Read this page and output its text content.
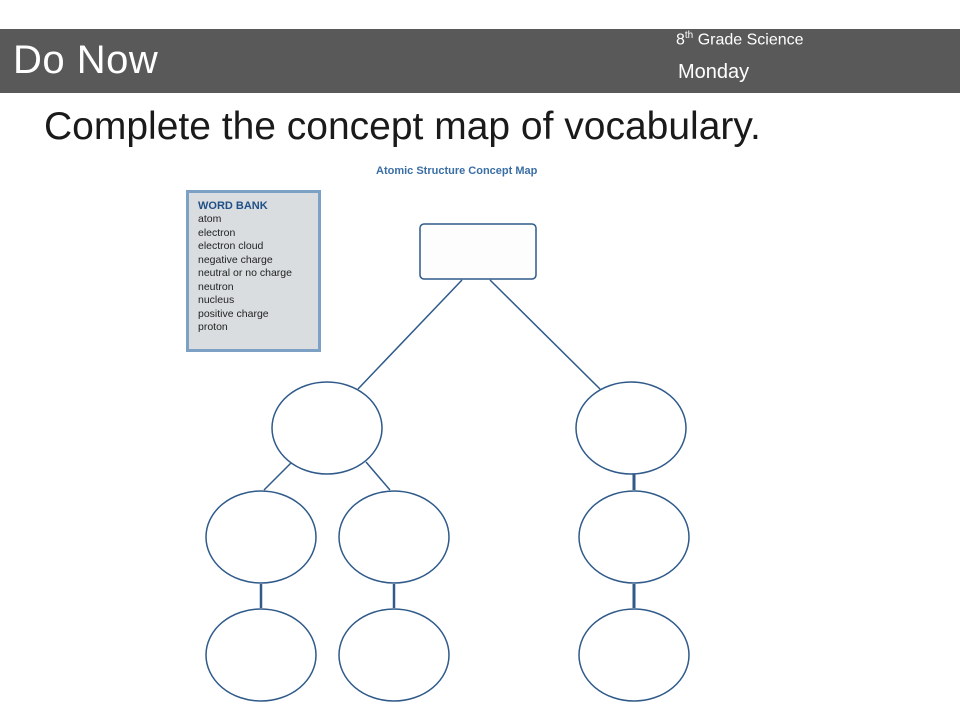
Do Now	8th Grade Science
Monday
Complete the concept map of vocabulary.
Atomic Structure Concept Map
WORD BANK
atom
electron
electron cloud
negative charge
neutral or no charge
neutron
nucleus
positive charge
proton
